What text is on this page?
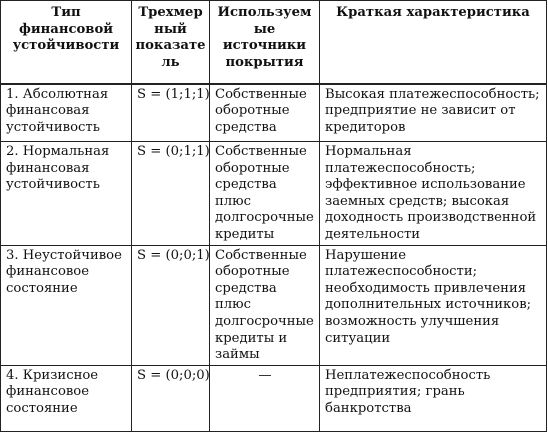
Тип финансовой устойчивости	Трехмерный показатель	Используемые источники покрытия	Краткая характеристика
1. Абсолютная финансовая устойчивость	S = (1;1;1)	Собственные оборотные средства	Высокая платежеспособность; предприятие не зависит от кредиторов
2. Нормальная финансовая устойчивость	S = (0;1;1)	Собственные оборотные средства плюс долгосрочные кредиты	Нормальная платежеспособность; эффективное использование заемных средств; высокая доходность производственной деятельности
3. Неустойчивое финансовое состояние	S = (0;0;1)	Собственные оборотные средства плюс долгосрочные кредиты и займы	Нарушение платежеспособности; необходимость привлечения дополнительных источников; возможность улучшения ситуации
4. Кризисное финансовое состояние	S = (0;0;0)	—	Неплатежеспособность предприятия; грань банкротства
